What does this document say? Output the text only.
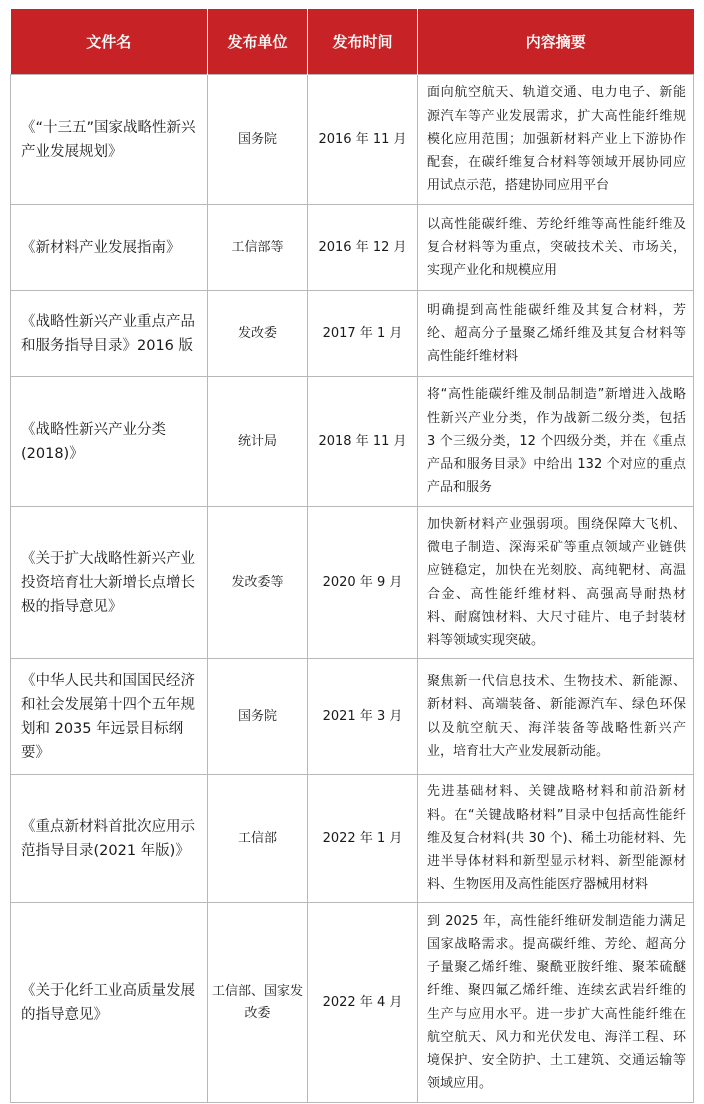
文件名	发布单位	发布时间	内容摘要
《“十三五”国家战略性新兴产业发展规划》	国务院	2016 年 11 月	面向航空航天、轨道交通、电力电子、新能源汽车等产业发展需求，扩大高性能纤维规模化应用范围；加强新材料产业上下游协作配套，在碳纤维复合材料等领域开展协同应用试点示范，搭建协同应用平台
《新材料产业发展指南》	工信部等	2016 年 12 月	以高性能碳纤维、芳纶纤维等高性能纤维及复合材料等为重点，突破技术关、市场关，实现产业化和规模应用
《战略性新兴产业重点产品和服务指导目录》2016 版	发改委	2017 年 1 月	明确提到高性能碳纤维及其复合材料，芳纶、超高分子量聚乙烯纤维及其复合材料等高性能纤维材料
《战略性新兴产业分类(2018)》	统计局	2018 年 11 月	将“高性能碳纤维及制品制造”新增进入战略性新兴产业分类，作为战新二级分类，包括 3 个三级分类，12 个四级分类，并在《重点产品和服务目录》中给出 132 个对应的重点产品和服务
《关于扩大战略性新兴产业投资培育壮大新增长点增长极的指导意见》	发改委等	2020 年 9 月	加快新材料产业强弱项。围绕保障大飞机、微电子制造、深海采矿等重点领域产业链供应链稳定，加快在光刻胶、高纯靶材、高温合金、高性能纤维材料、高强高导耐热材料、耐腐蚀材料、大尺寸硅片、电子封装材料等领域实现突破。
《中华人民共和国国民经济和社会发展第十四个五年规划和 2035 年远景目标纲要》	国务院	2021 年 3 月	聚焦新一代信息技术、生物技术、新能源、新材料、高端装备、新能源汽车、绿色环保以及航空航天、海洋装备等战略性新兴产业，培育壮大产业发展新动能。
《重点新材料首批次应用示范指导目录(2021 年版)》	工信部	2022 年 1 月	先进基础材料、关键战略材料和前沿新材料。在“关键战略材料”目录中包括高性能纤维及复合材料(共 30 个)、稀土功能材料、先进半导体材料和新型显示材料、新型能源材料、生物医用及高性能医疗器械用材料
《关于化纤工业高质量发展的指导意见》	工信部、国家发改委	2022 年 4 月	到 2025 年，高性能纤维研发制造能力满足国家战略需求。提高碳纤维、芳纶、超高分子量聚乙烯纤维、聚酰亚胺纤维、聚苯硫醚纤维、聚四氟乙烯纤维、连续玄武岩纤维的生产与应用水平。进一步扩大高性能纤维在航空航天、风力和光伏发电、海洋工程、环境保护、安全防护、土工建筑、交通运输等领域应用。
